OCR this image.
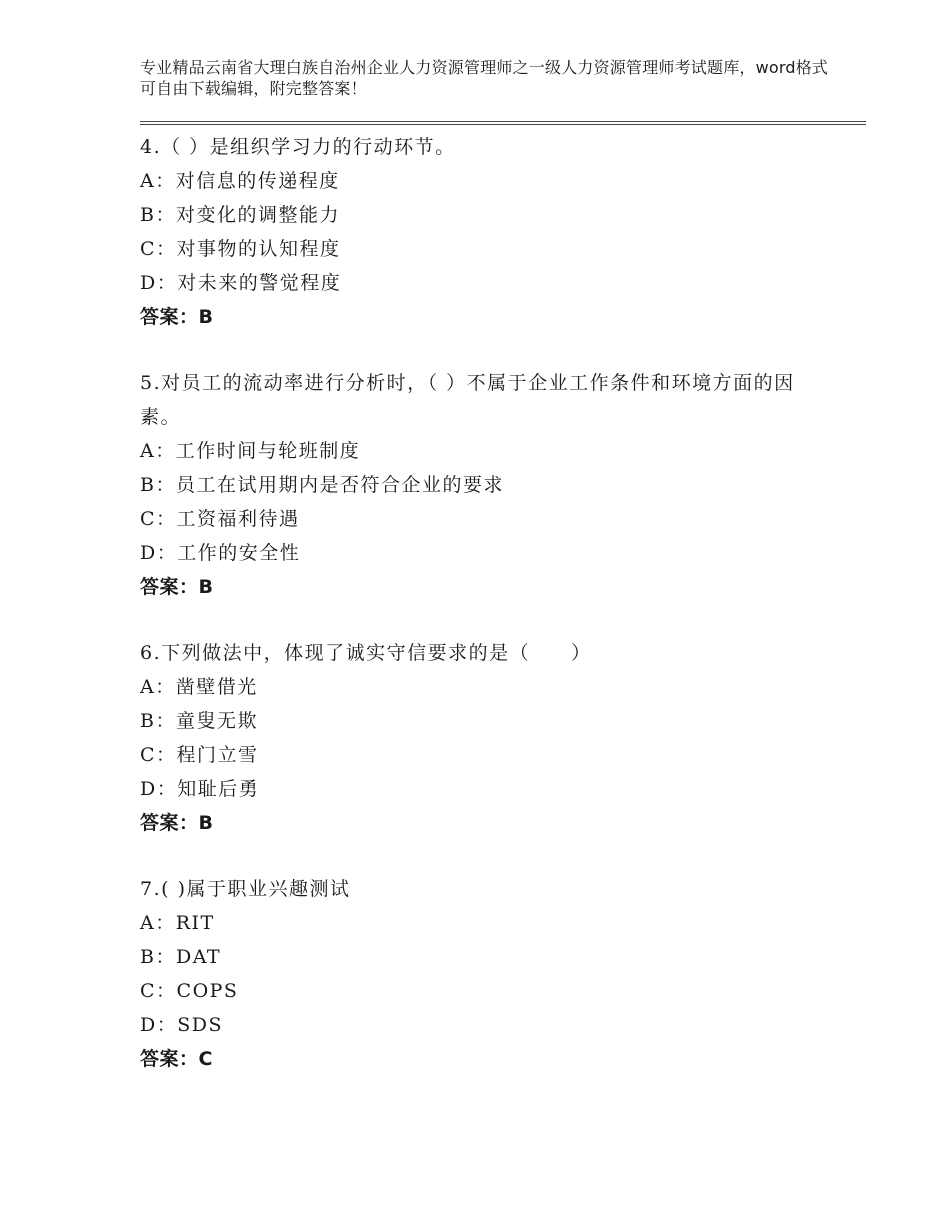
专业精品云南省大理白族自治州企业人力资源管理师之一级人力资源管理师考试题库，word格式可自由下载编辑，附完整答案！
4.（ ）是组织学习力的行动环节。
A：对信息的传递程度
B：对变化的调整能力
C：对事物的认知程度
D：对未来的警觉程度
答案：B
5.对员工的流动率进行分析时，（ ）不属于企业工作条件和环境方面的因素。
A：工作时间与轮班制度
B：员工在试用期内是否符合企业的要求
C：工资福利待遇
D：工作的安全性
答案：B
6.下列做法中，体现了诚实守信要求的是（　　）
A：凿壁借光
B：童叟无欺
C：程门立雪
D：知耻后勇
答案：B
7.( )属于职业兴趣测试
A：RIT
B：DAT
C：COPS
D：SDS
答案：C
